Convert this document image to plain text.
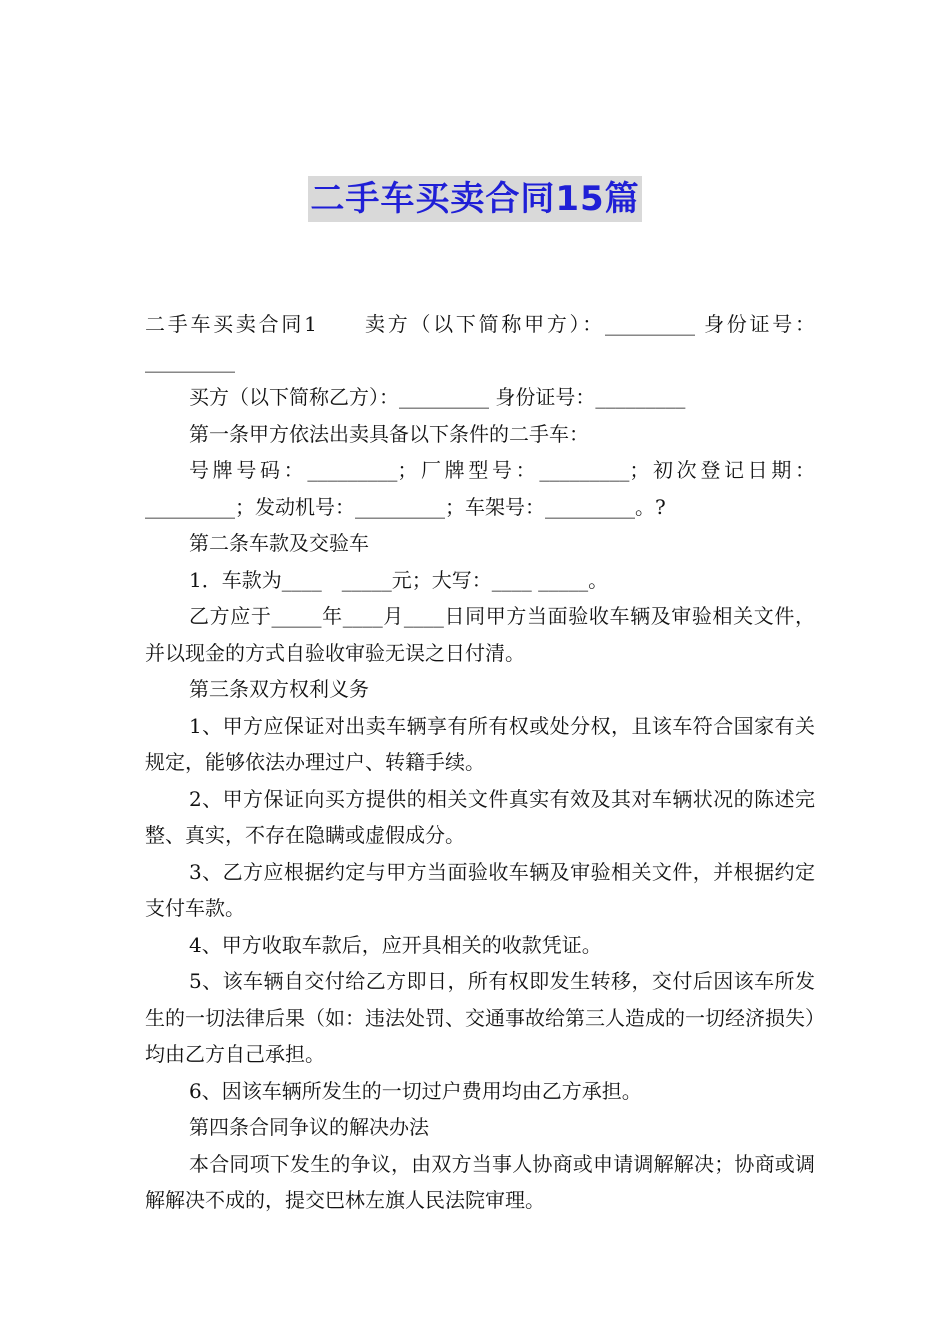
二手车买卖合同15篇

二手车买卖合同1　　卖方（以下简称甲方）：_________ 身份证号：_________

买方（以下简称乙方）：_________ 身份证号：_________

第一条甲方依法出卖具备以下条件的二手车：

号牌号码：_________；厂牌型号：_________；初次登记日期：_________；发动机号：_________；车架号：_________。?

第二条车款及交验车

1．车款为____　_____元；大写：____ _____。

乙方应于_____年____月____日同甲方当面验收车辆及审验相关文件，并以现金的方式自验收审验无误之日付清。

第三条双方权利义务

1、甲方应保证对出卖车辆享有所有权或处分权，且该车符合国家有关规定，能够依法办理过户、转籍手续。

2、甲方保证向买方提供的相关文件真实有效及其对车辆状况的陈述完整、真实，不存在隐瞒或虚假成分。

3、乙方应根据约定与甲方当面验收车辆及审验相关文件，并根据约定支付车款。

4、甲方收取车款后，应开具相关的收款凭证。

5、该车辆自交付给乙方即日，所有权即发生转移，交付后因该车所发生的一切法律后果（如：违法处罚、交通事故给第三人造成的一切经济损失）均由乙方自己承担。

6、因该车辆所发生的一切过户费用均由乙方承担。

第四条合同争议的解决办法

本合同项下发生的争议，由双方当事人协商或申请调解解决；协商或调解解决不成的，提交巴林左旗人民法院审理。
